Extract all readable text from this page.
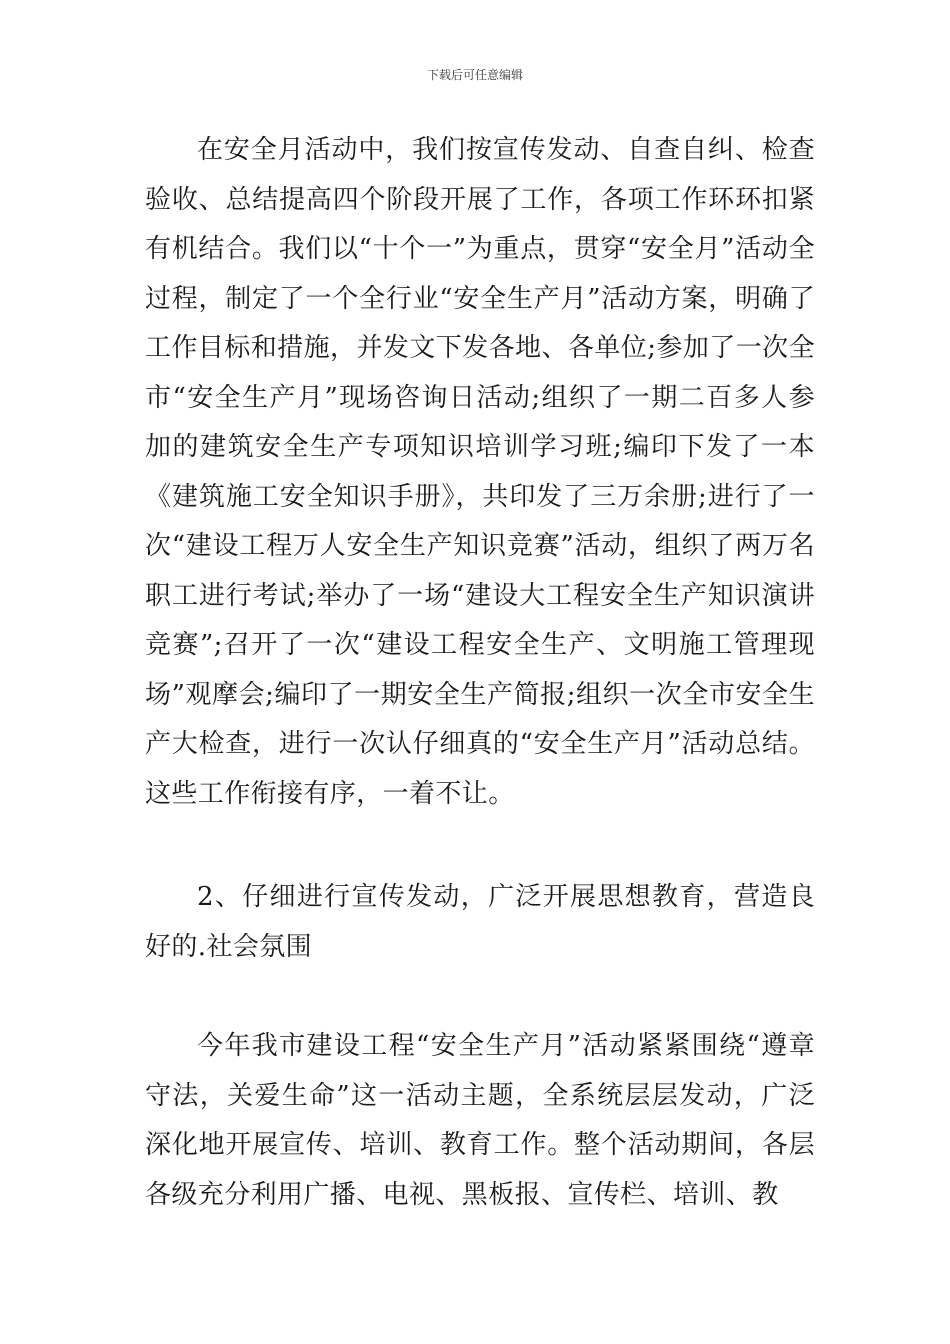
下载后可任意编辑

在安全月活动中，我们按宣传发动、自查自纠、检查验收、总结提高四个阶段开展了工作，各项工作环环扣紧有机结合。我们以“十个一”为重点，贯穿“安全月”活动全过程，制定了一个全行业“安全生产月”活动方案，明确了工作目标和措施，并发文下发各地、各单位;参加了一次全市“安全生产月”现场咨询日活动;组织了一期二百多人参加的建筑安全生产专项知识培训学习班;编印下发了一本《建筑施工安全知识手册》，共印发了三万余册;进行了一次“建设工程万人安全生产知识竞赛”活动，组织了两万名职工进行考试;举办了一场“建设大工程安全生产知识演讲竞赛”;召开了一次“建设工程安全生产、文明施工管理现场”观摩会;编印了一期安全生产简报;组织一次全市安全生产大检查，进行一次认仔细真的“安全生产月”活动总结。这些工作衔接有序，一着不让。

2、仔细进行宣传发动，广泛开展思想教育，营造良好的.社会氛围

今年我市建设工程“安全生产月”活动紧紧围绕“遵章守法，关爱生命”这一活动主题，全系统层层发动，广泛深化地开展宣传、培训、教育工作。整个活动期间，各层各级充分利用广播、电视、黑板报、宣传栏、培训、教
